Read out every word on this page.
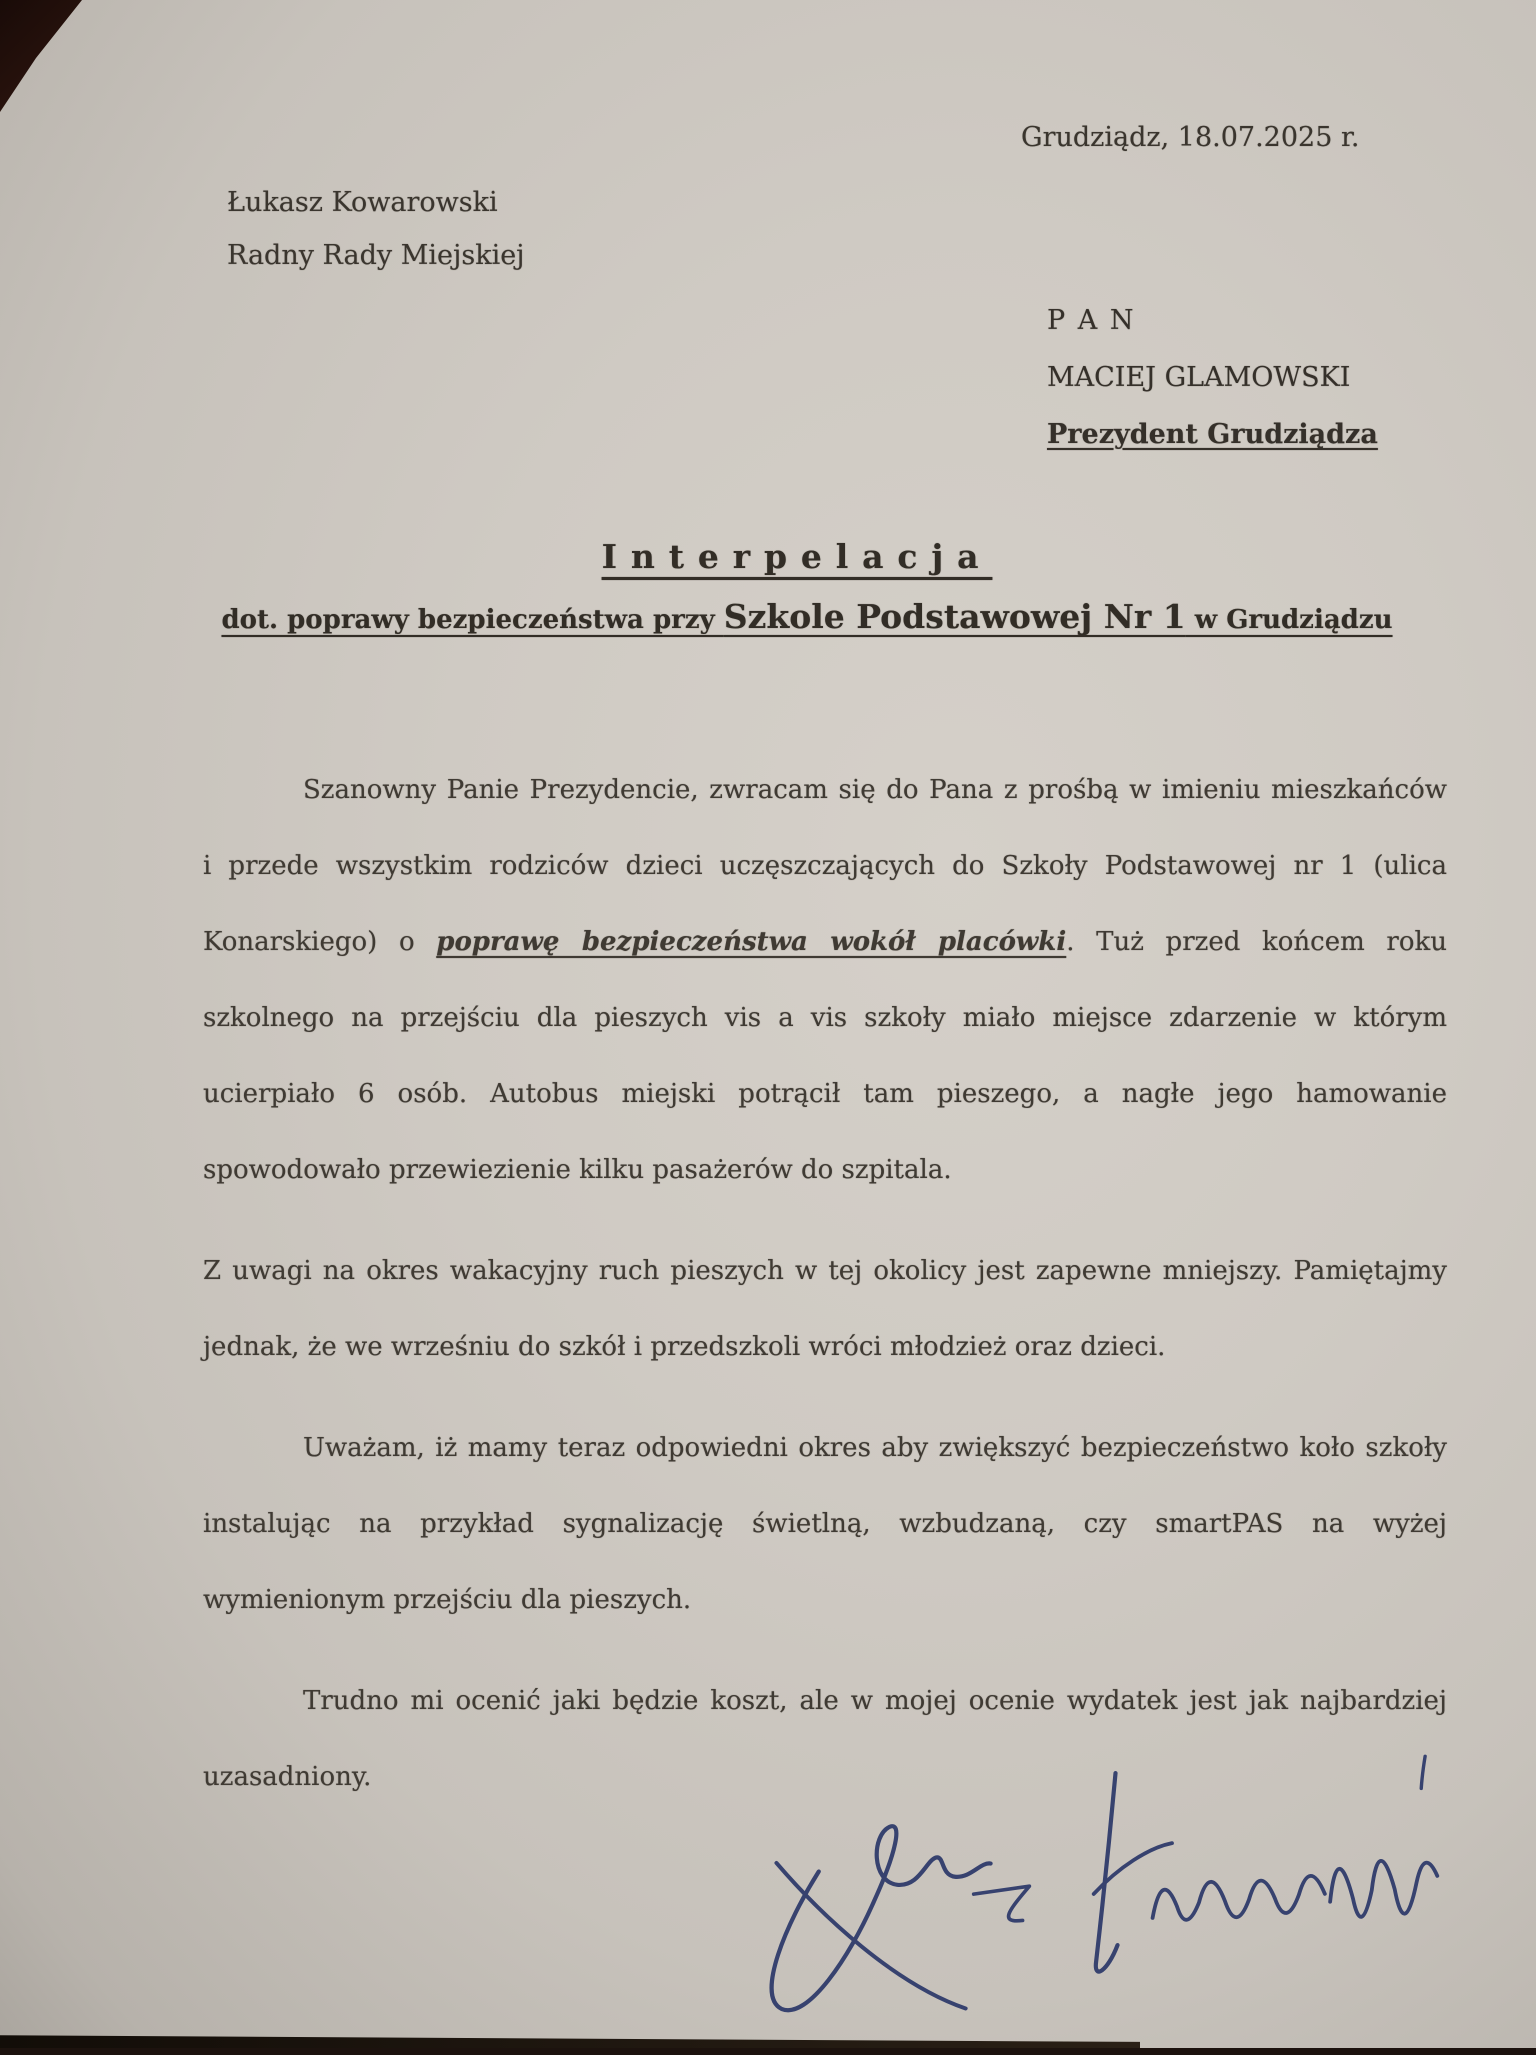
Grudziądz, 18.07.2025 r.
Łukasz Kowarowski
Radny Rady Miejskiej
P A N
MACIEJ GLAMOWSKI
Prezydent Grudziądza
Interpelacja
dot. poprawy bezpieczeństwa przy Szkole Podstawowej Nr 1 w Grudziądzu
Szanowny Panie Prezydencie, zwracam się do Pana z prośbą w imieniu mieszkańców
i przede wszystkim rodziców dzieci uczęszczających do Szkoły Podstawowej nr 1 (ulica
Konarskiego) o poprawę bezpieczeństwa wokół placówki. Tuż przed końcem roku
szkolnego na przejściu dla pieszych vis a vis szkoły miało miejsce zdarzenie w którym
ucierpiało 6 osób. Autobus miejski potrącił tam pieszego, a nagłe jego hamowanie
spowodowało przewiezienie kilku pasażerów do szpitala.
Z uwagi na okres wakacyjny ruch pieszych w tej okolicy jest zapewne mniejszy. Pamiętajmy
jednak, że we wrześniu do szkół i przedszkoli wróci młodzież oraz dzieci.
Uważam, iż mamy teraz odpowiedni okres aby zwiększyć bezpieczeństwo koło szkoły
instalując na przykład sygnalizację świetlną, wzbudzaną, czy smartPAS na wyżej
wymienionym przejściu dla pieszych.
Trudno mi ocenić jaki będzie koszt, ale w mojej ocenie wydatek jest jak najbardziej
uzasadniony.
